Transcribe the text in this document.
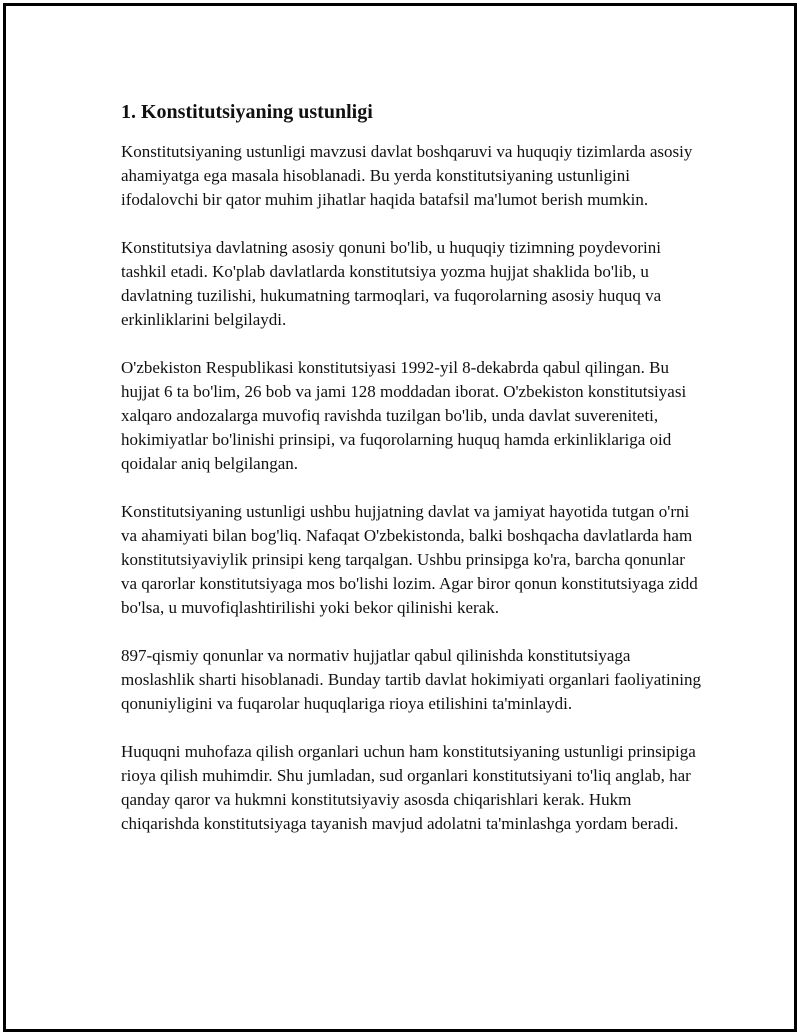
1. Konstitutsiyaning ustunligi

Konstitutsiyaning ustunligi mavzusi davlat boshqaruvi va huquqiy tizimlarda asosiy ahamiyatga ega masala hisoblanadi. Bu yerda konstitutsiyaning ustunligini ifodalovchi bir qator muhim jihatlar haqida batafsil ma'lumot berish mumkin.

Konstitutsiya davlatning asosiy qonuni bo'lib, u huquqiy tizimning poydevorini tashkil etadi. Ko'plab davlatlarda konstitutsiya yozma hujjat shaklida bo'lib, u davlatning tuzilishi, hukumatning tarmoqlari, va fuqorolarning asosiy huquq va erkinliklarini belgilaydi.

O'zbekiston Respublikasi konstitutsiyasi 1992-yil 8-dekabrda qabul qilingan. Bu hujjat 6 ta bo'lim, 26 bob va jami 128 moddadan iborat. O'zbekiston konstitutsiyasi xalqaro andozalarga muvofiq ravishda tuzilgan bo'lib, unda davlat suvereniteti, hokimiyatlar bo'linishi prinsipi, va fuqorolarning huquq hamda erkinliklariga oid qoidalar aniq belgilangan.

Konstitutsiyaning ustunligi ushbu hujjatning davlat va jamiyat hayotida tutgan o'rni va ahamiyati bilan bog'liq. Nafaqat O'zbekistonda, balki boshqacha davlatlarda ham konstitutsiyaviylik prinsipi keng tarqalgan. Ushbu prinsipga ko'ra, barcha qonunlar va qarorlar konstitutsiyaga mos bo'lishi lozim. Agar biror qonun konstitutsiyaga zidd bo'lsa, u muvofiqlashtirilishi yoki bekor qilinishi kerak.

897-qismiy qonunlar va normativ hujjatlar qabul qilinishda konstitutsiyaga moslashlik sharti hisoblanadi. Bunday tartib davlat hokimiyati organlari faoliyatining qonuniyligini va fuqarolar huquqlariga rioya etilishini ta'minlaydi.

Huquqni muhofaza qilish organlari uchun ham konstitutsiyaning ustunligi prinsipiga rioya qilish muhimdir. Shu jumladan, sud organlari konstitutsiyani to'liq anglab, har qanday qaror va hukmni konstitutsiyaviy asosda chiqarishlari kerak. Hukm chiqarishda konstitutsiyaga tayanish mavjud adolatni ta'minlashga yordam beradi.
